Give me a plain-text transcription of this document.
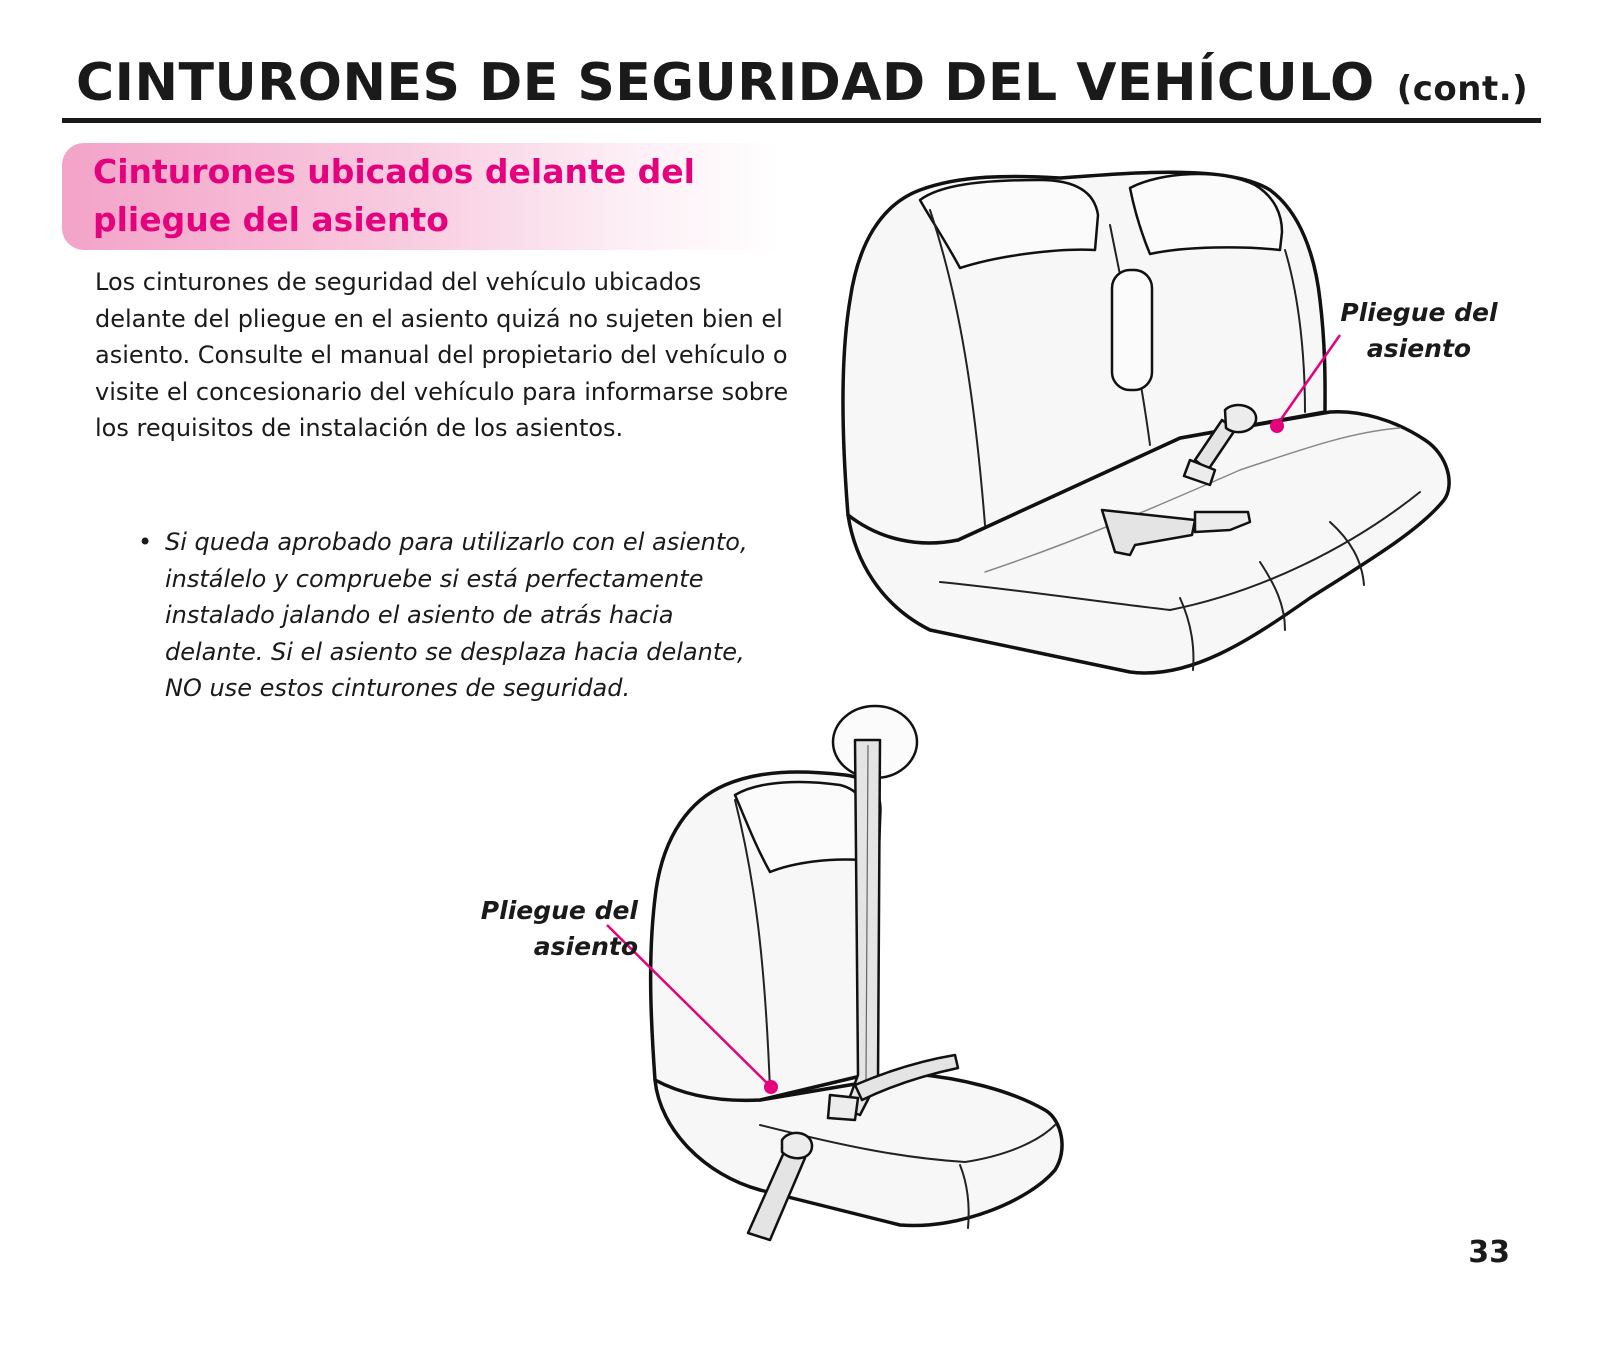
CINTURONES DE SEGURIDAD DEL VEHÍCULO (cont.)
Cinturones ubicados delante del pliegue del asiento

Los cinturones de seguridad del vehículo ubicados delante del pliegue en el asiento quizá no sujeten bien el asiento. Consulte el manual del propietario del vehículo o visite el concesionario del vehículo para informarse sobre los requisitos de instalación de los asientos.

• Si queda aprobado para utilizarlo con el asiento, instálelo y compruebe si está perfectamente instalado jalando el asiento de atrás hacia delante. Si el asiento se desplaza hacia delante, NO use estos cinturones de seguridad.

Pliegue del
asiento

Pliegue del
asiento

33
